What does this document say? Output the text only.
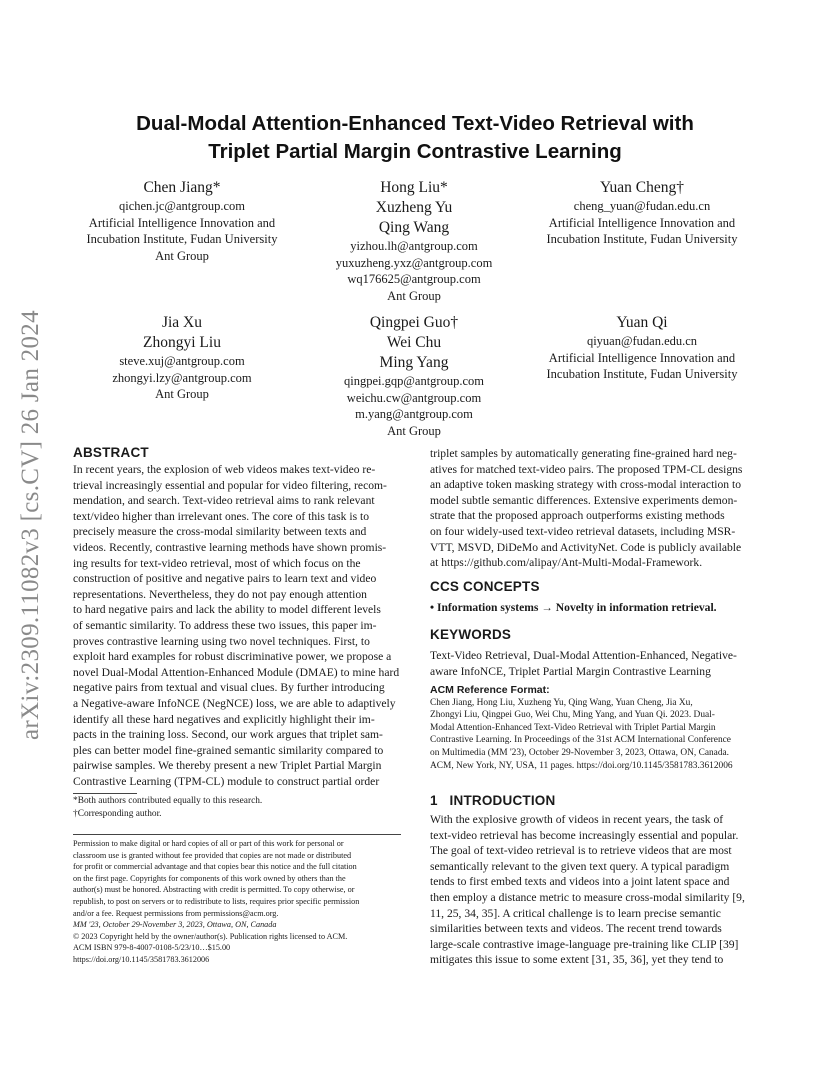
arXiv:2309.11082v3 [cs.CV] 26 Jan 2024
Dual-Modal Attention-Enhanced Text-Video Retrieval with
Triplet Partial Margin Contrastive Learning
Chen Jiang*
qichen.jc@antgroup.com
Artificial Intelligence Innovation and
Incubation Institute, Fudan University
Ant Group
Hong Liu*
Xuzheng Yu
Qing Wang
yizhou.lh@antgroup.com
yuxuzheng.yxz@antgroup.com
wq176625@antgroup.com
Ant Group
Yuan Cheng†
cheng_yuan@fudan.edu.cn
Artificial Intelligence Innovation and
Incubation Institute, Fudan University
Jia Xu
Zhongyi Liu
steve.xuj@antgroup.com
zhongyi.lzy@antgroup.com
Ant Group
Qingpei Guo†
Wei Chu
Ming Yang
qingpei.gqp@antgroup.com
weichu.cw@antgroup.com
m.yang@antgroup.com
Ant Group
Yuan Qi
qiyuan@fudan.edu.cn
Artificial Intelligence Innovation and
Incubation Institute, Fudan University

ABSTRACT

In recent years, the explosion of web videos makes text-video re-

trieval increasingly essential and popular for video filtering, recom-

mendation, and search. Text-video retrieval aims to rank relevant

text/video higher than irrelevant ones. The core of this task is to

precisely measure the cross-modal similarity between texts and

videos. Recently, contrastive learning methods have shown promis-

ing results for text-video retrieval, most of which focus on the

construction of positive and negative pairs to learn text and video

representations. Nevertheless, they do not pay enough attention

to hard negative pairs and lack the ability to model different levels

of semantic similarity. To address these two issues, this paper im-

proves contrastive learning using two novel techniques. First, to

exploit hard examples for robust discriminative power, we propose a

novel Dual-Modal Attention-Enhanced Module (DMAE) to mine hard

negative pairs from textual and visual clues. By further introducing

a Negative-aware InfoNCE (NegNCE) loss, we are able to adaptively

identify all these hard negatives and explicitly highlight their im-

pacts in the training loss. Second, our work argues that triplet sam-

ples can better model fine-grained semantic similarity compared to

pairwise samples. We thereby present a new Triplet Partial Margin

Contrastive Learning (TPM-CL) module to construct partial order

*Both authors contributed equally to this research.

†Corresponding author.

Permission to make digital or hard copies of all or part of this work for personal or

classroom use is granted without fee provided that copies are not made or distributed

for profit or commercial advantage and that copies bear this notice and the full citation

on the first page. Copyrights for components of this work owned by others than the

author(s) must be honored. Abstracting with credit is permitted. To copy otherwise, or

republish, to post on servers or to redistribute to lists, requires prior specific permission

and/or a fee. Request permissions from permissions@acm.org.

MM '23, October 29-November 3, 2023, Ottawa, ON, Canada

© 2023 Copyright held by the owner/author(s). Publication rights licensed to ACM.

ACM ISBN 979-8-4007-0108-5/23/10…$15.00

https://doi.org/10.1145/3581783.3612006

triplet samples by automatically generating fine-grained hard neg-

atives for matched text-video pairs. The proposed TPM-CL designs

an adaptive token masking strategy with cross-modal interaction to

model subtle semantic differences. Extensive experiments demon-

strate that the proposed approach outperforms existing methods

on four widely-used text-video retrieval datasets, including MSR-

VTT, MSVD, DiDeMo and ActivityNet. Code is publicly available

at https://github.com/alipay/Ant-Multi-Modal-Framework.

CCS CONCEPTS

• Information systems → Novelty in information retrieval.

KEYWORDS

Text-Video Retrieval, Dual-Modal Attention-Enhanced, Negative-

aware InfoNCE, Triplet Partial Margin Contrastive Learning

ACM Reference Format:

Chen Jiang, Hong Liu, Xuzheng Yu, Qing Wang, Yuan Cheng, Jia Xu,

Zhongyi Liu, Qingpei Guo, Wei Chu, Ming Yang, and Yuan Qi. 2023. Dual-

Modal Attention-Enhanced Text-Video Retrieval with Triplet Partial Margin

Contrastive Learning. In Proceedings of the 31st ACM International Conference

on Multimedia (MM '23), October 29-November 3, 2023, Ottawa, ON, Canada.

ACM, New York, NY, USA, 11 pages. https://doi.org/10.1145/3581783.3612006

1   INTRODUCTION

With the explosive growth of videos in recent years, the task of

text-video retrieval has become increasingly essential and popular.

The goal of text-video retrieval is to retrieve videos that are most

semantically relevant to the given text query. A typical paradigm

tends to first embed texts and videos into a joint latent space and

then employ a distance metric to measure cross-modal similarity [9,

11, 25, 34, 35]. A critical challenge is to learn precise semantic

similarities between texts and videos. The recent trend towards

large-scale contrastive image-language pre-training like CLIP [39]

mitigates this issue to some extent [31, 35, 36], yet they tend to
